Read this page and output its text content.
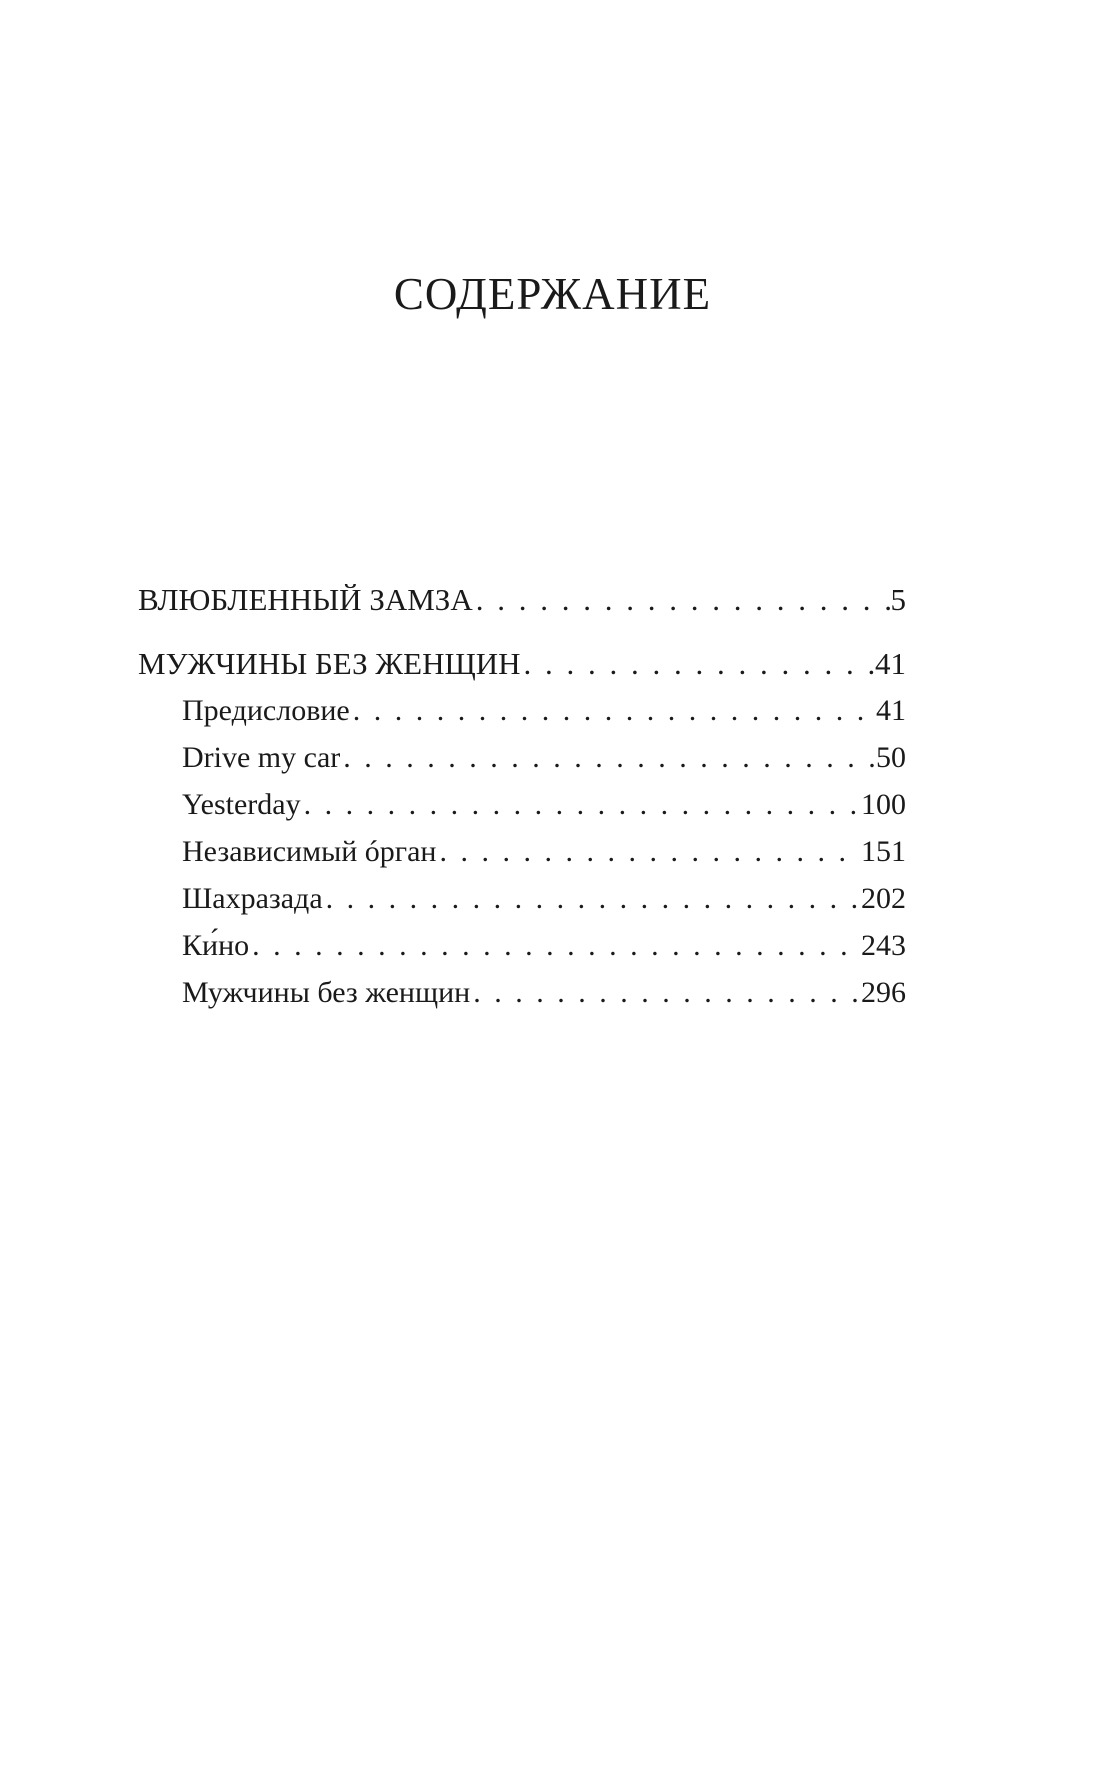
СОДЕРЖАНИЕ
ВЛЮБЛЕННЫЙ ЗАМЗА . . .	5
МУЖЧИНЫ БЕЗ ЖЕНЩИН . . .	41
Предисловие . . .	41
Drive my car . . .	50
Yesterday . . .	100
Независимый óрган . . .	151
Шахразада . . .	202
Ки́но . . .	243
Мужчины без женщин . . .	296
